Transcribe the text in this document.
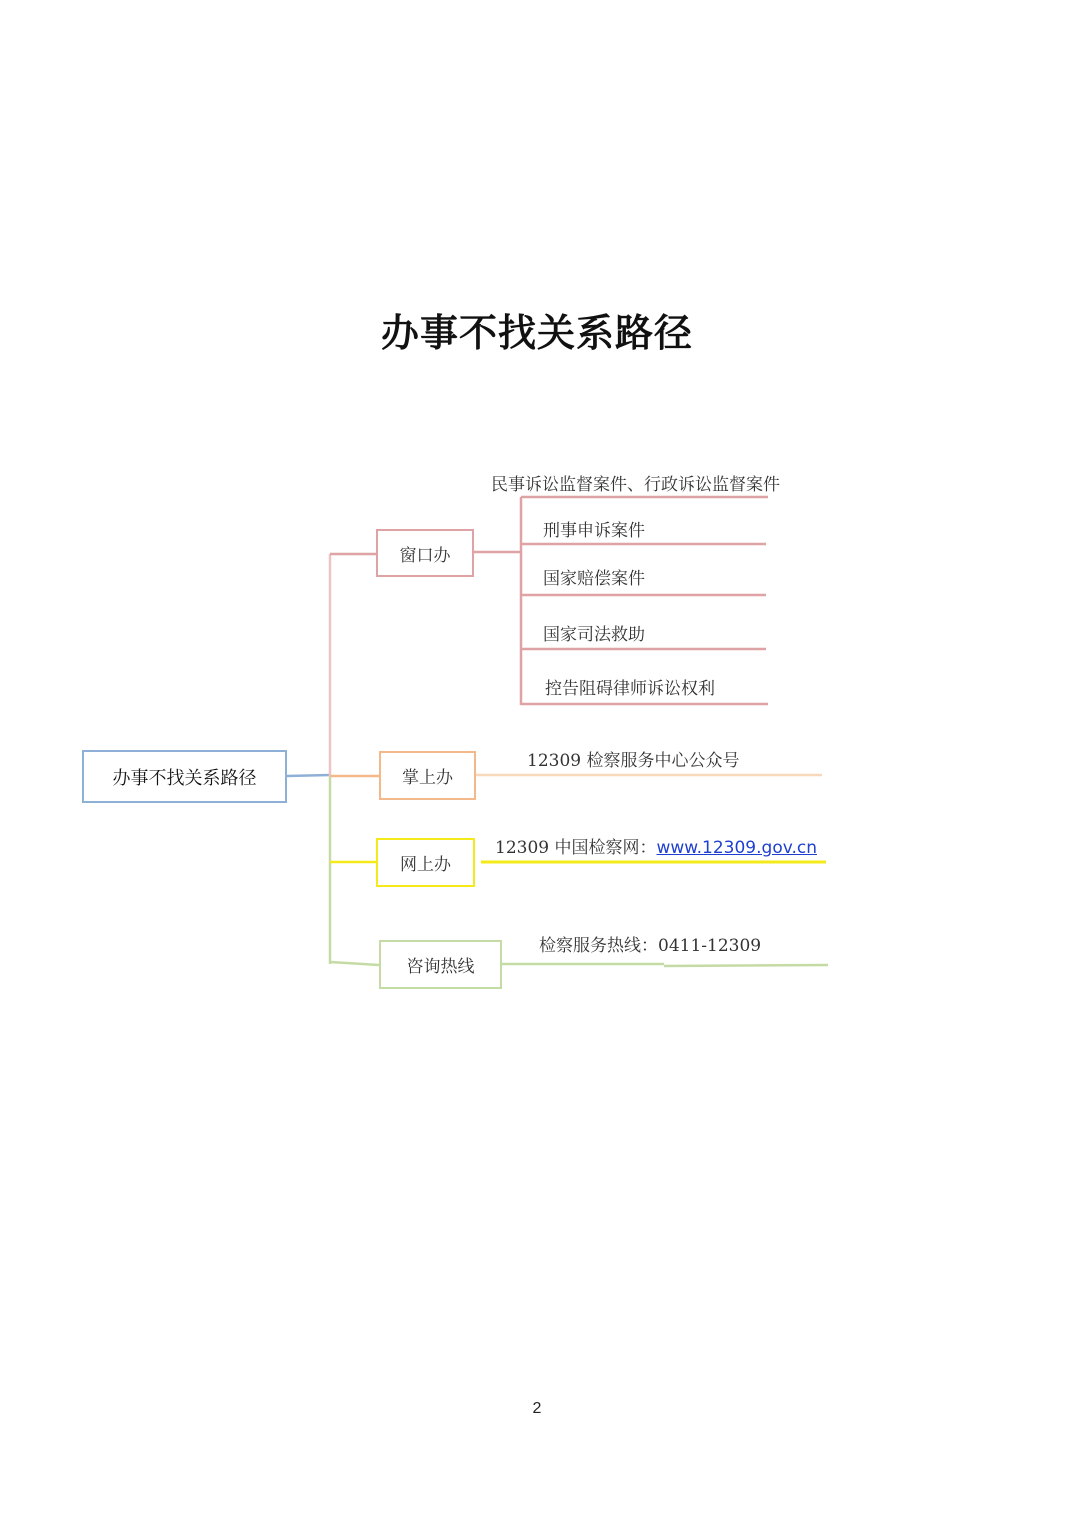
办事不找关系路径
办事不找关系路径
窗口办
掌上办
网上办
咨询热线
民事诉讼监督案件、行政诉讼监督案件
刑事申诉案件
国家赔偿案件
国家司法救助
控告阻碍律师诉讼权利
12309 检察服务中心公众号
12309 中国检察网：www.12309.gov.cn
检察服务热线：0411-12309
2
